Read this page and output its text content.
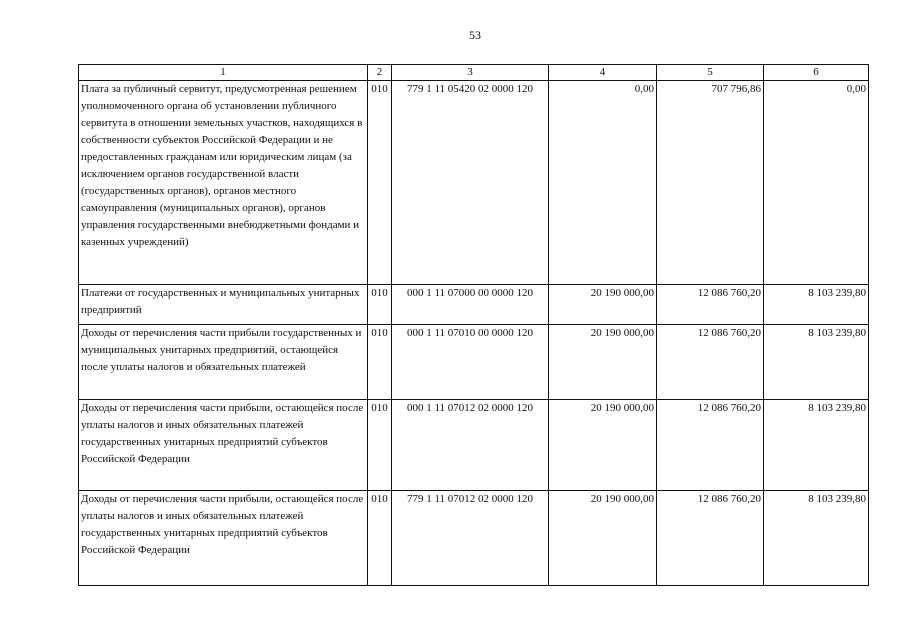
53
1	2	3	4	5	6
Плата за публичный сервитут, предусмотренная решением уполномоченного органа об установлении публичного сервитута в отношении земельных участков, находящихся в собственности субъектов Российской Федерации и не предоставленных гражданам или юридическим лицам (за исключением органов государственной власти (государственных органов), органов местного самоуправления (муниципальных органов), органов управления государственными внебюджетными фондами и казенных учреждений)	010	779 1 11 05420 02 0000 120	0,00	707 796,86	0,00
Платежи от государственных и муниципальных унитарных предприятий	010	000 1 11 07000 00 0000 120	20 190 000,00	12 086 760,20	8 103 239,80
Доходы от перечисления части прибыли государственных и муниципальных унитарных предприятий, остающейся после уплаты налогов и обязательных платежей	010	000 1 11 07010 00 0000 120	20 190 000,00	12 086 760,20	8 103 239,80
Доходы от перечисления части прибыли, остающейся после уплаты налогов и иных обязательных платежей государственных унитарных предприятий субъектов Российской Федерации	010	000 1 11 07012 02 0000 120	20 190 000,00	12 086 760,20	8 103 239,80
Доходы от перечисления части прибыли, остающейся после уплаты налогов и иных обязательных платежей государственных унитарных предприятий субъектов Российской Федерации	010	779 1 11 07012 02 0000 120	20 190 000,00	12 086 760,20	8 103 239,80
